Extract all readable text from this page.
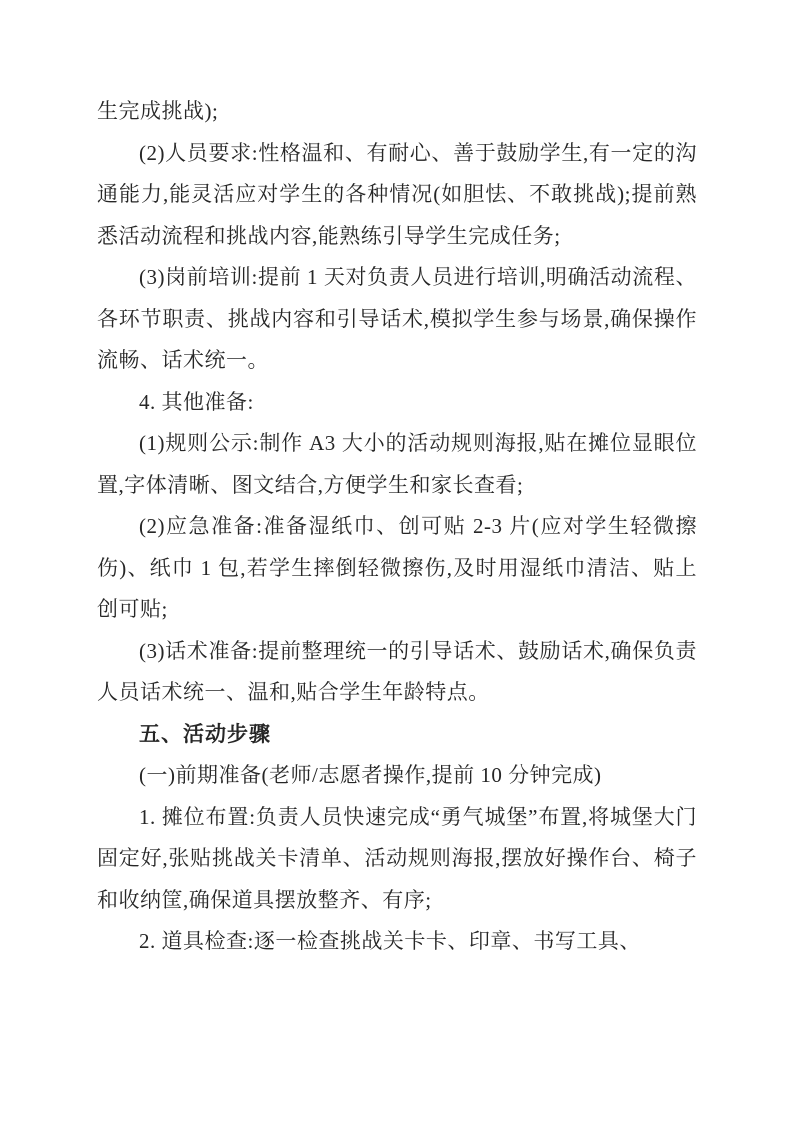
生完成挑战);

(2)人员要求:性格温和、有耐心、善于鼓励学生,有一定的沟通能力,能灵活应对学生的各种情况(如胆怯、不敢挑战);提前熟悉活动流程和挑战内容,能熟练引导学生完成任务;

(3)岗前培训:提前 1 天对负责人员进行培训,明确活动流程、各环节职责、挑战内容和引导话术,模拟学生参与场景,确保操作流畅、话术统一。

4. 其他准备:

(1)规则公示:制作 A3 大小的活动规则海报,贴在摊位显眼位置,字体清晰、图文结合,方便学生和家长查看;

(2)应急准备:准备湿纸巾、创可贴 2-3 片(应对学生轻微擦伤)、纸巾 1 包,若学生摔倒轻微擦伤,及时用湿纸巾清洁、贴上创可贴;

(3)话术准备:提前整理统一的引导话术、鼓励话术,确保负责人员话术统一、温和,贴合学生年龄特点。

五、活动步骤

(一)前期准备(老师/志愿者操作,提前 10 分钟完成)

1. 摊位布置:负责人员快速完成“勇气城堡”布置,将城堡大门固定好,张贴挑战关卡清单、活动规则海报,摆放好操作台、椅子和收纳筐,确保道具摆放整齐、有序;

2. 道具检查:逐一检查挑战关卡卡、印章、书写工具、
